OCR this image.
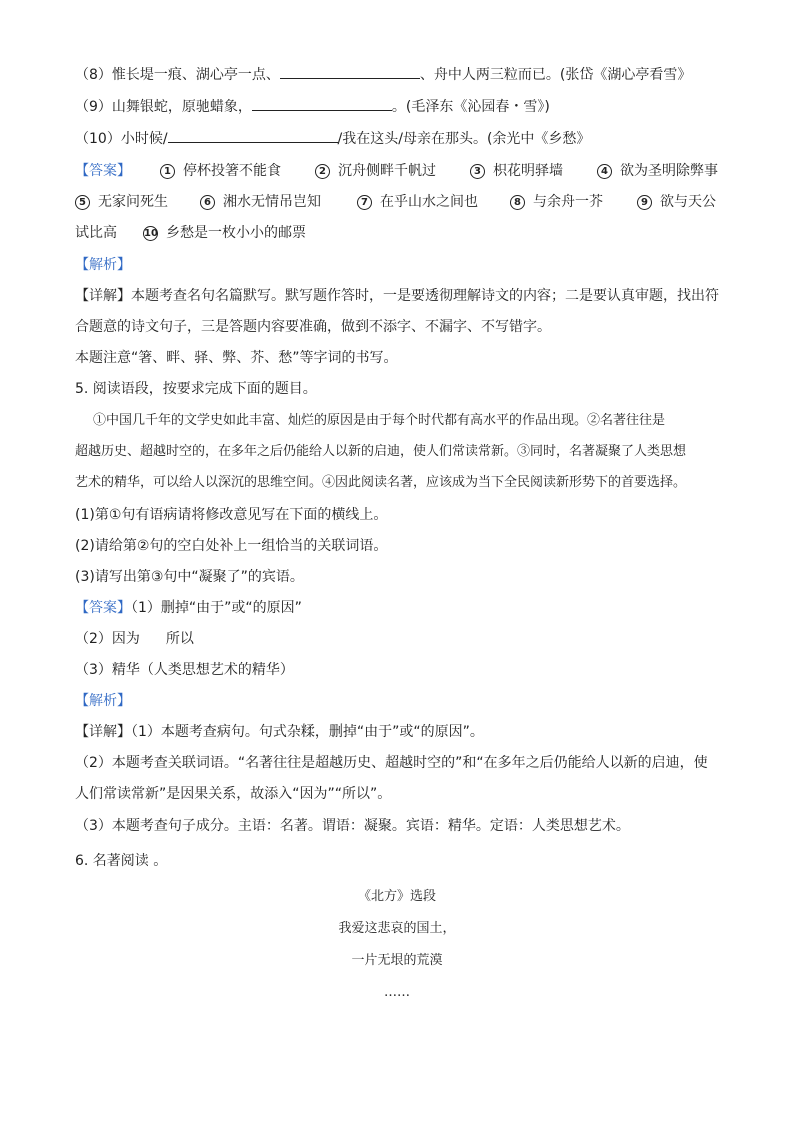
（8）惟长堤一痕、湖心亭一点、	、舟中人两三粒而已。(张岱《湖心亭看雪》
（9）山舞银蛇，原驰蜡象，	。(毛泽东《沁园春・雪》)
（10）小时候/	/我在这头/母亲在那头。(余光中《乡愁》
【答案】	1 停杯投箸不能食	2 沉舟侧畔千帆过	3 枳花明驿墙	4 欲为圣明除弊事
5 无家问死生	6 湘水无情吊岂知	7 在乎山水之间也	8 与余舟一芥	9 欲与天公
试比高	10 乡愁是一枚小小的邮票
【解析】
【详解】本题考查名句名篇默写。默写题作答时，一是要透彻理解诗文的内容；二是要认真审题，找出符
合题意的诗文句子，三是答题内容要准确，做到不添字、不漏字、不写错字。
本题注意“箸、畔、驿、弊、芥、愁”等字词的书写。
5. 阅读语段，按要求完成下面的题目。
①中国几千年的文学史如此丰富、灿烂的原因是由于每个时代都有高水平的作品出现。②名著往往是
超越历史、超越时空的，在多年之后仍能给人以新的启迪，使人们常读常新。③同时，名著凝聚了人类思想
艺术的精华，可以给人以深沉的思维空间。④因此阅读名著，应该成为当下全民阅读新形势下的首要选择。
(1)第①句有语病请将修改意见写在下面的横线上。
(2)请给第②句的空白处补上一组恰当的关联词语。
(3)请写出第③句中“凝聚了”的宾语。
【答案】（1）删掉“由于”或“的原因”
（2）因为 所以
（3）精华（人类思想艺术的精华）
【解析】
【详解】（1）本题考查病句。句式杂糅，删掉“由于”或“的原因”。
（2）本题考查关联词语。“名著往往是超越历史、超越时空的”和“在多年之后仍能给人以新的启迪，使
人们常读常新”是因果关系，故添入“因为”“所以”。
（3）本题考查句子成分。主语：名著。谓语：凝聚。宾语：精华。定语：人类思想艺术。
6. 名著阅读 。
《北方》选段
我爱这悲哀的国土，
一片无垠的荒漠
……
